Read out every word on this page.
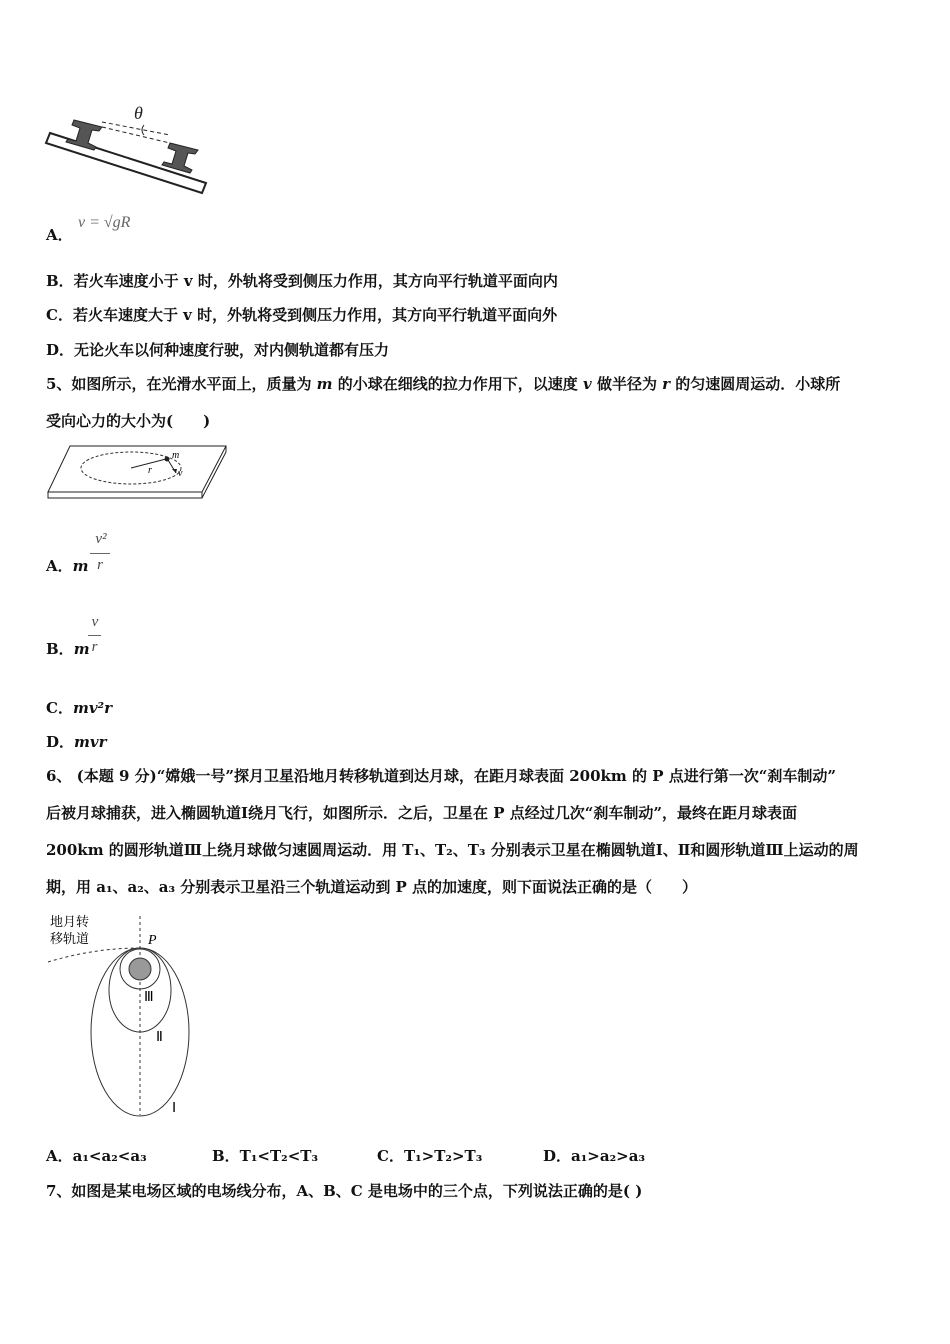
θ
A．
v = √gR
B．若火车速度小于 v 时，外轨将受到侧压力作用，其方向平行轨道平面向内
C．若火车速度大于 v 时，外轨将受到侧压力作用，其方向平行轨道平面向外
D．无论火车以何种速度行驶，对内侧轨道都有压力
5、如图所示，在光滑水平面上，质量为 m 的小球在细线的拉力作用下，以速度 v 做半径为 r 的匀速圆周运动．小球所
受向心力的大小为(　　)
m
r	v
A．m
v²
r
B．m
v
r
C．mv²r
D．mvr
6、 (本题 9 分)“嫦娥一号”探月卫星沿地月转移轨道到达月球，在距月球表面 200km 的 P 点进行第一次“刹车制动”
后被月球捕获，进入椭圆轨道Ⅰ绕月飞行，如图所示．之后，卫星在 P 点经过几次“刹车制动”，最终在距月球表面
200km 的圆形轨道Ⅲ上绕月球做匀速圆周运动．用 T₁、T₂、T₃ 分别表示卫星在椭圆轨道Ⅰ、Ⅱ和圆形轨道Ⅲ上运动的周
期，用 a₁、a₂、a₃ 分别表示卫星沿三个轨道运动到 P 点的加速度，则下面说法正确的是（　　）
地月转
移轨道	P
Ⅲ
Ⅱ
Ⅰ
A．a₁<a₂<a₃	B．T₁<T₂<T₃	C．T₁>T₂>T₃	D．a₁>a₂>a₃
7、如图是某电场区域的电场线分布，A、B、C 是电场中的三个点，下列说法正确的是( )
